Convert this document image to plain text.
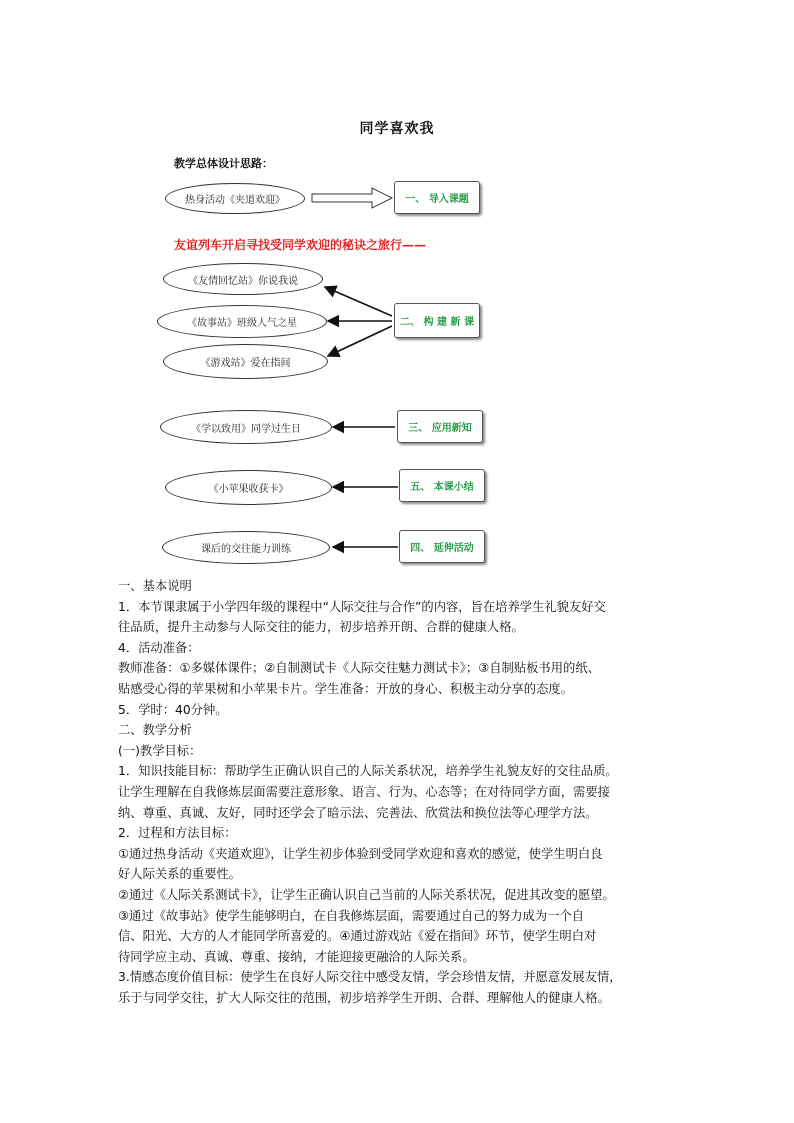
同学喜欢我
教学总体设计思路：
热身活动《夹道欢迎》	一、
导入课题
友谊列车开启寻找受同学欢迎的秘诀之旅行——
《友情回忆站》你说我说
《故事站》班级人气之星
《游戏站》爱在指间
二、
构 建 新 课
《学以致用》同学过生日	三、
应用新知
《小苹果收获卡》	五、
本课小结
课后的交往能力训练	四、
延伸活动

一、基本说明

1．本节课隶属于小学四年级的课程中“人际交往与合作”的内容，旨在培养学生礼貌友好交

往品质，提升主动参与人际交往的能力，初步培养开朗、合群的健康人格。

4．活动准备：

教师准备：①多媒体课件；②自制测试卡《人际交往魅力测试卡》；③自制贴板书用的纸、

贴感受心得的苹果树和小苹果卡片。学生准备：开放的身心、积极主动分享的态度。

5．学时：40分钟。

二、教学分析

(一)教学目标：

1．知识技能目标：帮助学生正确认识自己的人际关系状况，培养学生礼貌友好的交往品质。

让学生理解在自我修炼层面需要注意形象、语言、行为、心态等；在对待同学方面，需要接

纳、尊重、真诚、友好，同时还学会了暗示法、完善法、欣赏法和换位法等心理学方法。

2．过程和方法目标：

①通过热身活动《夹道欢迎》，让学生初步体验到受同学欢迎和喜欢的感觉，使学生明白良

好人际关系的重要性。

②通过《人际关系测试卡》，让学生正确认识自己当前的人际关系状况，促进其改变的愿望。

③通过《故事站》使学生能够明白，在自我修炼层面，需要通过自己的努力成为一个自

信、阳光、大方的人才能同学所喜爱的。④通过游戏站《爱在指间》环节，使学生明白对

待同学应主动、真诚、尊重、接纳，才能迎接更融洽的人际关系。

3.情感态度价值目标：使学生在良好人际交往中感受友情，学会珍惜友情，并愿意发展友情，

乐于与同学交往，扩大人际交往的范围，初步培养学生开朗、合群、理解他人的健康人格。
